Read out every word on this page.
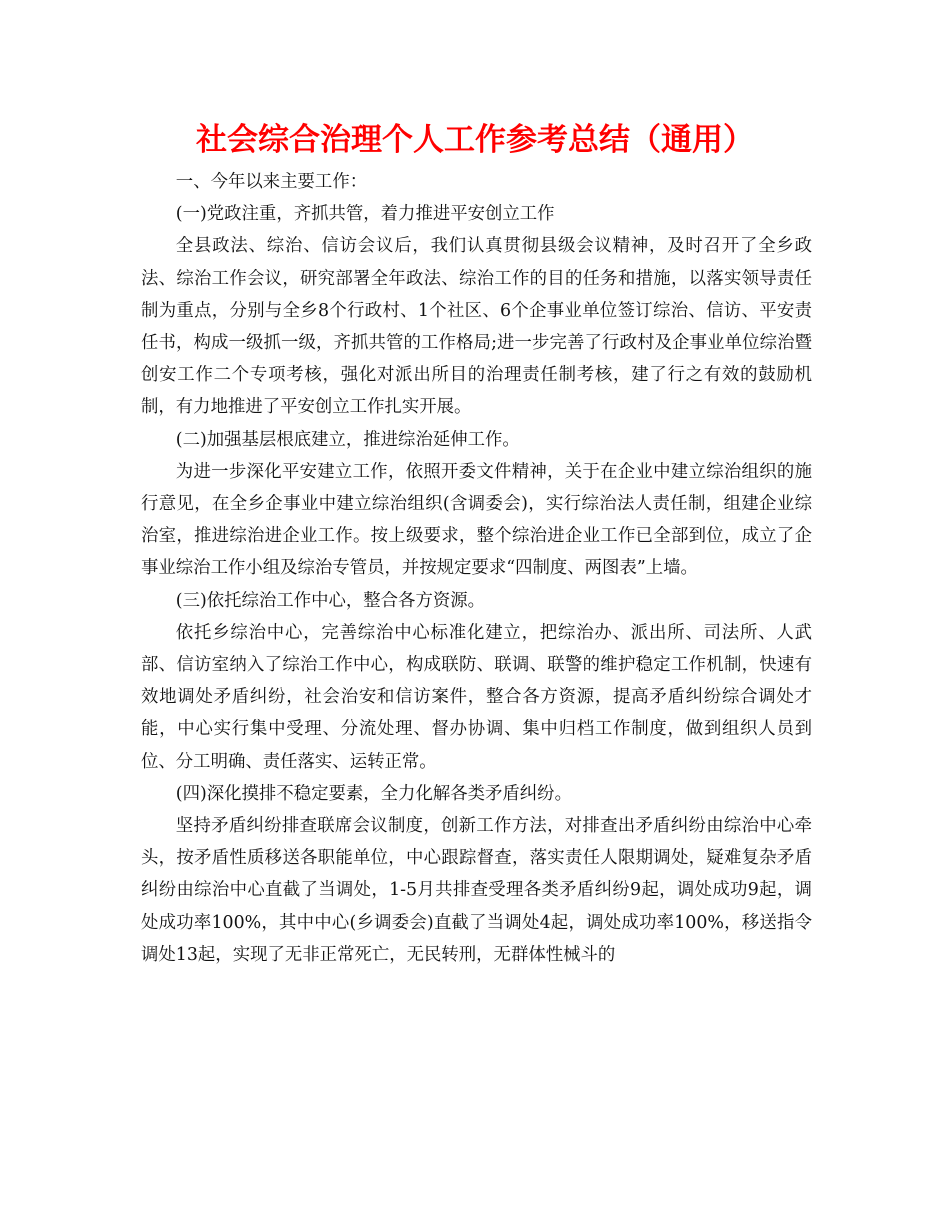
社会综合治理个人工作参考总结（通用）

一、今年以来主要工作：

(一)党政注重，齐抓共管，着力推进平安创立工作

全县政法、综治、信访会议后，我们认真贯彻县级会议精神，及时召开了全乡政法、综治工作会议，研究部署全年政法、综治工作的目的任务和措施，以落实领导责任制为重点，分别与全乡8个行政村、1个社区、6个企事业单位签订综治、信访、平安责任书，构成一级抓一级，齐抓共管的工作格局;进一步完善了行政村及企事业单位综治暨创安工作二个专项考核，强化对派出所目的治理责任制考核，建了行之有效的鼓励机制，有力地推进了平安创立工作扎实开展。

(二)加强基层根底建立，推进综治延伸工作。

为进一步深化平安建立工作，依照开委文件精神，关于在企业中建立综治组织的施行意见，在全乡企事业中建立综治组织(含调委会)，实行综治法人责任制，组建企业综治室，推进综治进企业工作。按上级要求，整个综治进企业工作已全部到位，成立了企事业综治工作小组及综治专管员，并按规定要求“四制度、两图表”上墙。

(三)依托综治工作中心，整合各方资源。

依托乡综治中心，完善综治中心标准化建立，把综治办、派出所、司法所、人武部、信访室纳入了综治工作中心，构成联防、联调、联警的维护稳定工作机制，快速有效地调处矛盾纠纷，社会治安和信访案件，整合各方资源，提高矛盾纠纷综合调处才能，中心实行集中受理、分流处理、督办协调、集中归档工作制度，做到组织人员到位、分工明确、责任落实、运转正常。

(四)深化摸排不稳定要素，全力化解各类矛盾纠纷。

坚持矛盾纠纷排查联席会议制度，创新工作方法，对排查出矛盾纠纷由综治中心牵头，按矛盾性质移送各职能单位，中心跟踪督查，落实责任人限期调处，疑难复杂矛盾纠纷由综治中心直截了当调处，1-5月共排查受理各类矛盾纠纷9起，调处成功9起，调处成功率100%，其中中心(乡调委会)直截了当调处4起，调处成功率100%，移送指令调处13起，实现了无非正常死亡，无民转刑，无群体性械斗的
